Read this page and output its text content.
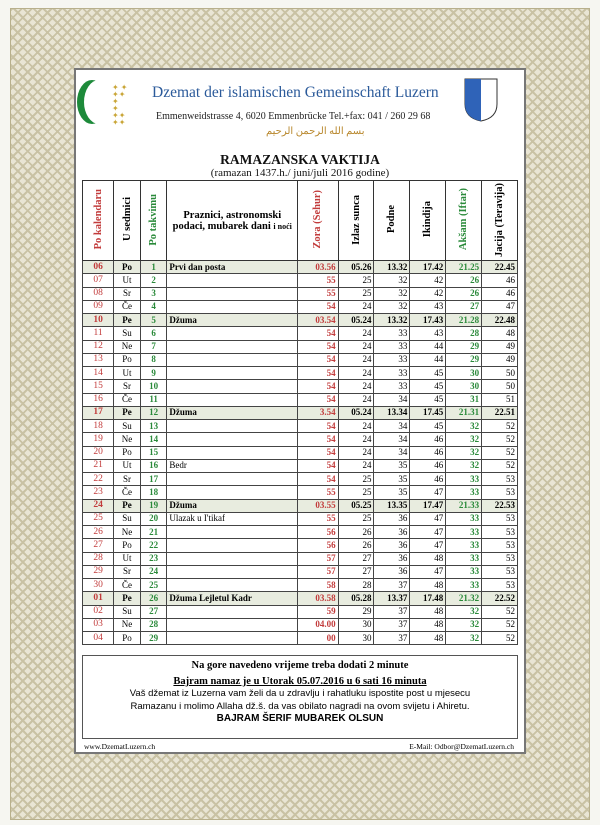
✦ ✦
✦✦ ✦
✦ ✦✦
✦✦
Dzemat der islamischen Gemeinschaft Luzern
Emmenweidstrasse 4, 6020 Emmenbrücke Tel.+fax: 041 / 260 29 68
بسم الله الرحمن الرحيم
RAMAZANSKA VAKTIJA
(ramazan 1437.h./ juni/juli 2016 godine)
Po kalendaru	U sedmici	Po takvimu	Praznici, astronomski podaci, mubarek dani i noći	Zora (Sehur)	Izlaz sunca	Podne	Ikindija	Akšam (Iftar)	Jacija (Teravija)
06	Po	1	Prvi dan posta	03.56	05.26	13.32	17.42	21.25	22.45
07	Ut	2		55	25	32	42	26	46
08	Sr	3		55	25	32	42	26	46
09	Če	4		54	24	32	43	27	47
10	Pe	5	Džuma	03.54	05.24	13.32	17.43	21.28	22.48
11	Su	6		54	24	33	43	28	48
12	Ne	7		54	24	33	44	29	49
13	Po	8		54	24	33	44	29	49
14	Ut	9		54	24	33	45	30	50
15	Sr	10		54	24	33	45	30	50
16	Če	11		54	24	34	45	31	51
17	Pe	12	Džuma	3.54	05.24	13.34	17.45	21.31	22.51
18	Su	13		54	24	34	45	32	52
19	Ne	14		54	24	34	46	32	52
20	Po	15		54	24	34	46	32	52
21	Ut	16	Bedr	54	24	35	46	32	52
22	Sr	17		54	25	35	46	33	53
23	Če	18		55	25	35	47	33	53
24	Pe	19	Džuma	03.55	05.25	13.35	17.47	21.33	22.53
25	Su	20	Ulazak u I'tikaf	55	25	36	47	33	53
26	Ne	21		56	26	36	47	33	53
27	Po	22		56	26	36	47	33	53
28	Ut	23		57	27	36	48	33	53
29	Sr	24		57	27	36	47	33	53
30	Če	25		58	28	37	48	33	53
01	Pe	26	Džuma Lejletul Kadr	03.58	05.28	13.37	17.48	21.32	22.52
02	Su	27		59	29	37	48	32	52
03	Ne	28		04.00	30	37	48	32	52
04	Po	29		00	30	37	48	32	52
Na gore navedeno vrijeme treba dodati 2 minute
Bajram namaz je u Utorak 05.07.2016 u 6 sati 16 minuta
Vaš džemat iz Luzerna vam želi da u zdravlju i rahatluku ispostite post u mjesecu
Ramazanu i molimo Allaha dž.š. da vas obilato nagradi na ovom svijetu i Ahiretu.
BAJRAM ŠERIF MUBAREK OLSUN
www.DzematLuzern.ch	E-Mail: Odbor@DzematLuzern.ch
